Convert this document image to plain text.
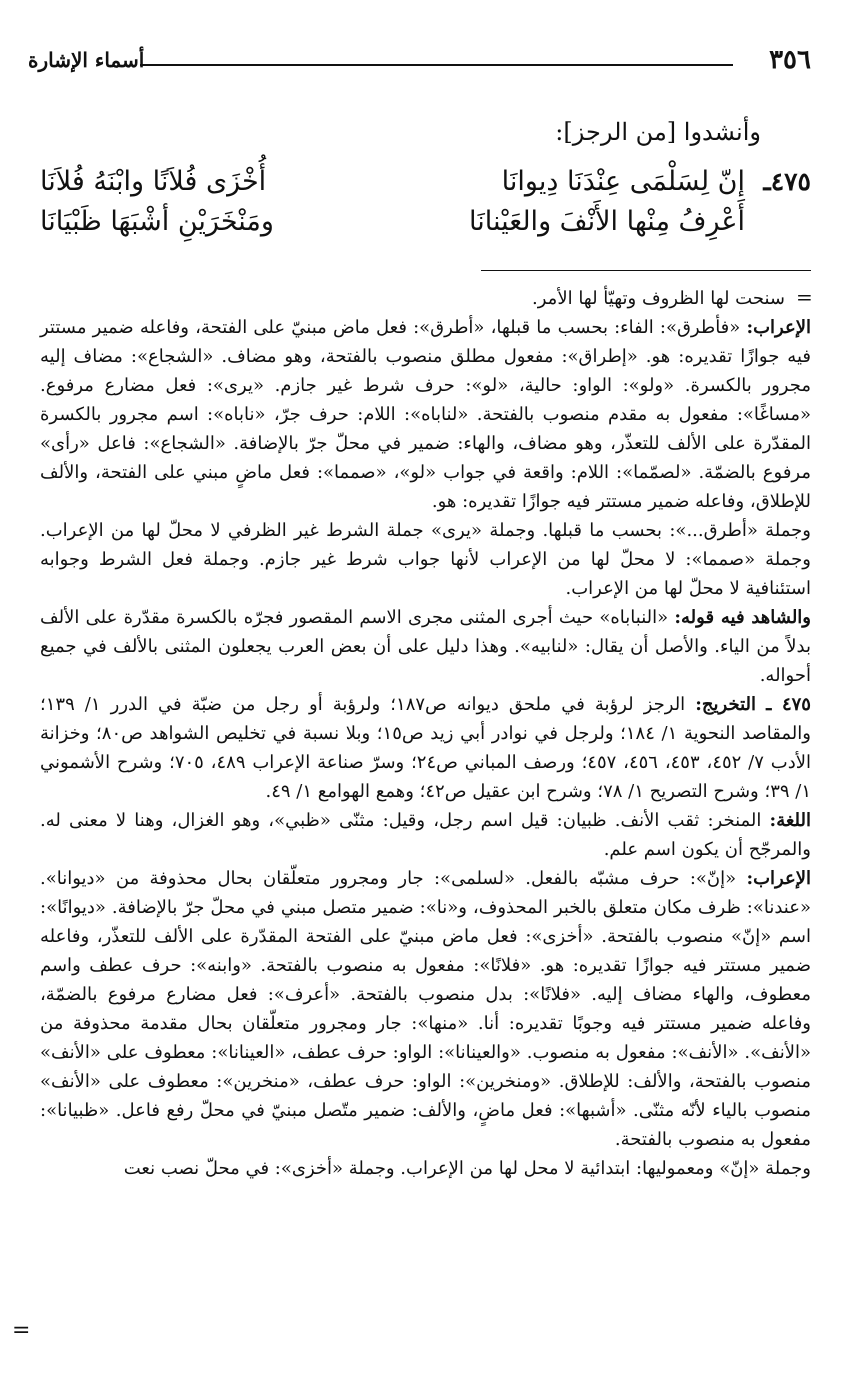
٣٥٦
أسماء الإشارة
وأنشدوا [من الرجز]:
٤٧٥ـ
إنّ لِسَلْمَى عِنْدَنَا دِيوانَا
أُخْزَى فُلاَنًا وابْنَهُ فُلاَنَا
أَعْرِفُ مِنْها الأَنْفَ والعَيْنانَا
ومَنْخَرَيْنِ أشْبَهَا ظَبْيَانَا
=

سنحت لها الظروف وتهيّأ لها الأمر.

الإعراب: «فأطرق»: الفاء: بحسب ما قبلها، «أطرق»: فعل ماض مبنيّ على الفتحة، وفاعله ضمير مستتر فيه جوازًا تقديره: هو. «إطراق»: مفعول مطلق منصوب بالفتحة، وهو مضاف. «الشجاع»: مضاف إليه مجرور بالكسرة. «ولو»: الواو: حالية، «لو»: حرف شرط غير جازم. «يرى»: فعل مضارع مرفوع. «مساغًا»: مفعول به مقدم منصوب بالفتحة. «لناباه»: اللام: حرف جرّ، «ناباه»: اسم مجرور بالكسرة المقدّرة على الألف للتعذّر، وهو مضاف، والهاء: ضمير في محلّ جرّ بالإضافة. «الشجاع»: فاعل «رأى» مرفوع بالضمّة. «لصمّما»: اللام: واقعة في جواب «لو»، «صمما»: فعل ماضٍ مبني على الفتحة، والألف للإطلاق، وفاعله ضمير مستتر فيه جوازًا تقديره: هو.

وجملة «أطرق...»: بحسب ما قبلها. وجملة «يرى» جملة الشرط غير الظرفي لا محلّ لها من الإعراب. وجملة «صمما»: لا محلّ لها من الإعراب لأنها جواب شرط غير جازم. وجملة فعل الشرط وجوابه استئنافية لا محلّ لها من الإعراب.

والشاهد فيه قوله: «النباباه» حيث أجرى المثنى مجرى الاسم المقصور فجرّه بالكسرة مقدّرة على الألف بدلاً من الياء. والأصل أن يقال: «لنابيه». وهذا دليل على أن بعض العرب يجعلون المثنى بالألف في جميع أحواله.

٤٧٥ ـ التخريج: الرجز لرؤبة في ملحق ديوانه ص١٨٧؛ ولرؤبة أو رجل من ضبّة في الدرر ١/ ١٣٩؛ والمقاصد النحوية ١/ ١٨٤؛ ولرجل في نوادر أبي زيد ص١٥؛ وبلا نسبة في تخليص الشواهد ص٨٠؛ وخزانة الأدب ٧/ ٤٥٢، ٤٥٣، ٤٥٦، ٤٥٧؛ ورصف المباني ص٢٤؛ وسرّ صناعة الإعراب ٤٨٩، ٧٠٥؛ وشرح الأشموني ١/ ٣٩؛ وشرح التصريح ١/ ٧٨؛ وشرح ابن عقيل ص٤٢؛ وهمع الهوامع ١/ ٤٩.

اللغة: المنخر: ثقب الأنف. ظبيان: قيل اسم رجل، وقيل: مثنّى «ظبي»، وهو الغزال، وهنا لا معنى له. والمرجّح أن يكون اسم علم.

الإعراب: «إنّ»: حرف مشبّه بالفعل. «لسلمى»: جار ومجرور متعلّقان بحال محذوفة من «ديوانا». «عندنا»: ظرف مكان متعلق بالخبر المحذوف، و«نا»: ضمير متصل مبني في محلّ جرّ بالإضافة. «ديوانًا»: اسم «إنّ» منصوب بالفتحة. «أخزى»: فعل ماض مبنيّ على الفتحة المقدّرة على الألف للتعذّر، وفاعله ضمير مستتر فيه جوازًا تقديره: هو. «فلانًا»: مفعول به منصوب بالفتحة. «وابنه»: حرف عطف واسم معطوف، والهاء مضاف إليه. «فلانًا»: بدل منصوب بالفتحة. «أعرف»: فعل مضارع مرفوع بالضمّة، وفاعله ضمير مستتر فيه وجوبًا تقديره: أنا. «منها»: جار ومجرور متعلّقان بحال مقدمة محذوفة من «الأنف». «الأنف»: مفعول به منصوب. «والعينانا»: الواو: حرف عطف، «العينانا»: معطوف على «الأنف» منصوب بالفتحة، والألف: للإطلاق. «ومنخرين»: الواو: حرف عطف، «منخرين»: معطوف على «الأنف» منصوب بالياء لأنّه مثنّى. «أشبها»: فعل ماضٍ، والألف: ضمير متّصل مبنيّ في محلّ رفع فاعل. «ظبيانا»: مفعول به منصوب بالفتحة.

وجملة «إنّ» ومعموليها: ابتدائية لا محل لها من الإعراب. وجملة «أخزى»: في محلّ نصب نعت

=
